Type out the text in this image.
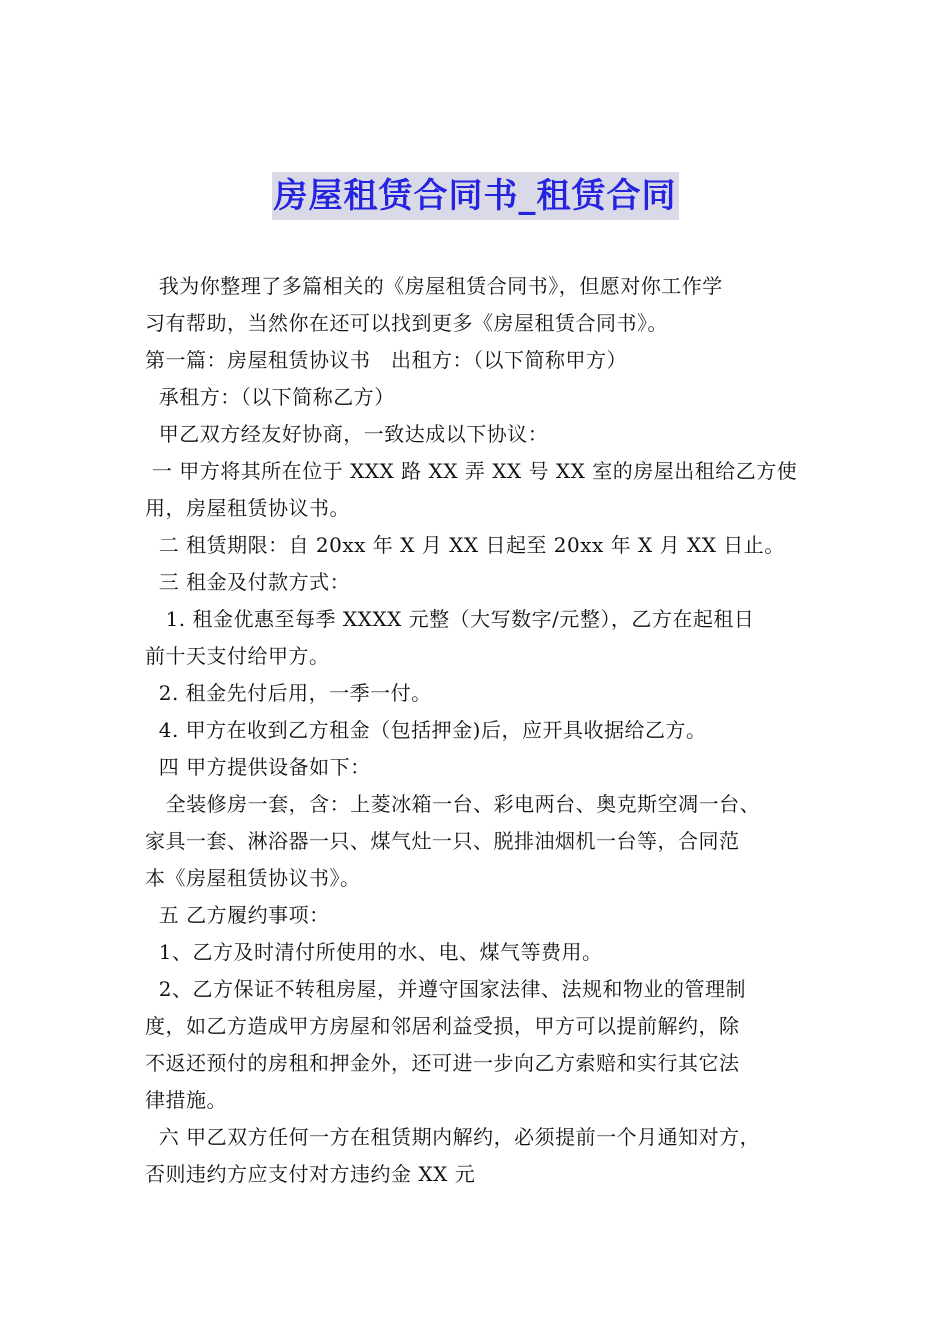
房屋租赁合同书_租赁合同

我为你整理了多篇相关的《房屋租赁合同书》，但愿对你工作学

习有帮助，当然你在还可以找到更多《房屋租赁合同书》。

第一篇：房屋租赁协议书　出租方：（以下简称甲方）

承租方：（以下简称乙方）

甲乙双方经友好协商，一致达成以下协议：

一 甲方将其所在位于 XXX 路 XX 弄 XX 号 XX 室的房屋出租给乙方使

用，房屋租赁协议书。

二 租赁期限：自 20xx 年 X 月 XX 日起至 20xx 年 X 月 XX 日止。

三 租金及付款方式：

1. 租金优惠至每季 XXXX 元整（大写数字/元整），乙方在起租日

前十天支付给甲方。

2. 租金先付后用，一季一付。

4. 甲方在收到乙方租金（包括押金)后，应开具收据给乙方。

四 甲方提供设备如下：

全装修房一套，含：上菱冰箱一台、彩电两台、奥克斯空凋一台、

家具一套、淋浴器一只、煤气灶一只、脱排油烟机一台等，合同范

本《房屋租赁协议书》。

五 乙方履约事项：

1、乙方及时清付所使用的水、电、煤气等费用。

2、乙方保证不转租房屋，并遵守国家法律、法规和物业的管理制

度，如乙方造成甲方房屋和邻居利益受损，甲方可以提前解约，除

不返还预付的房租和押金外，还可进一步向乙方索赔和实行其它法

律措施。

六 甲乙双方任何一方在租赁期内解约，必须提前一个月通知对方，

否则违约方应支付对方违约金 XX 元
